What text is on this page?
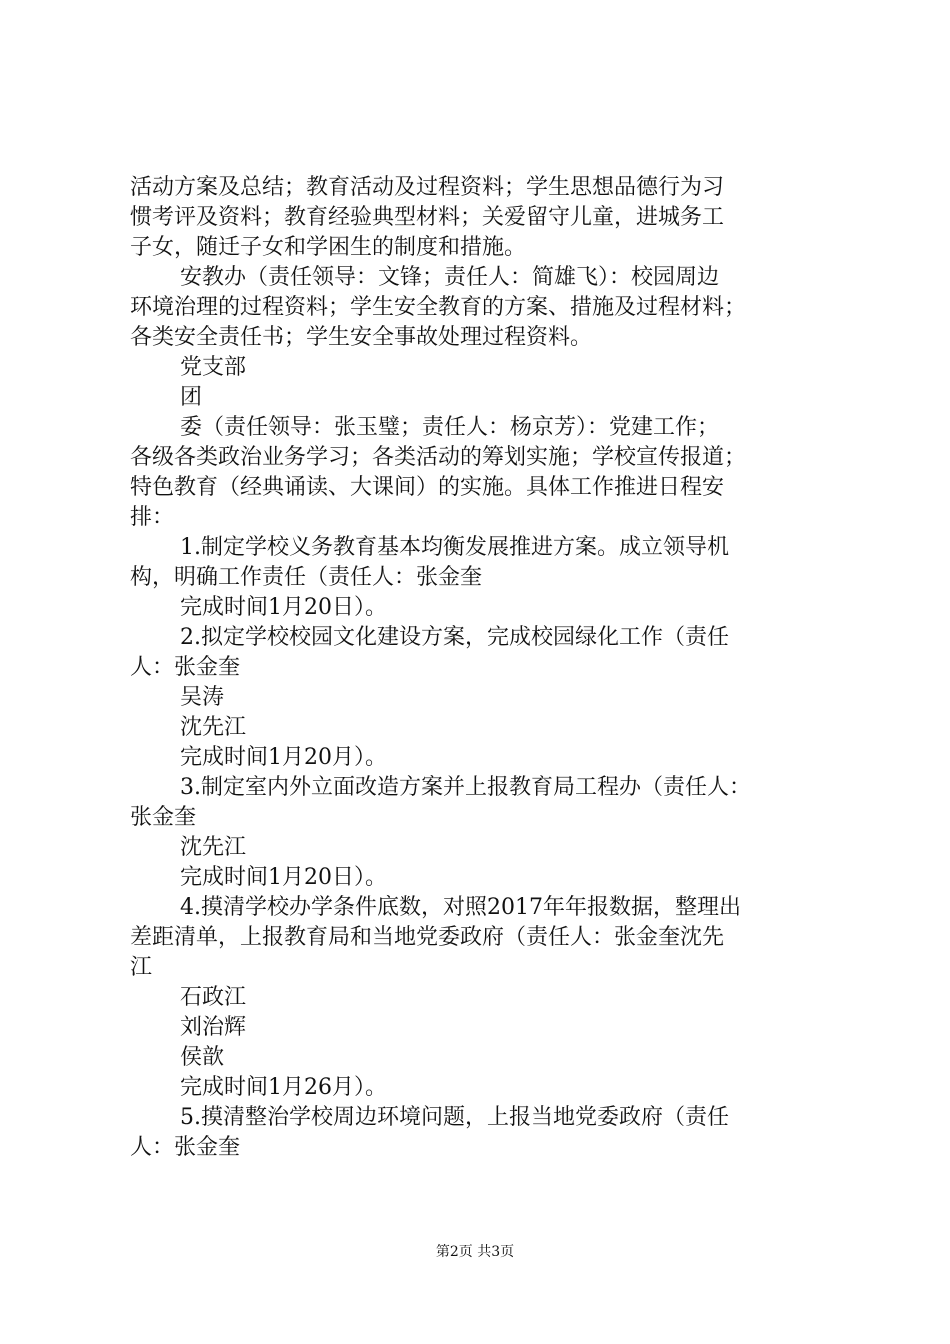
活动方案及总结；教育活动及过程资料；学生思想品德行为习
惯考评及资料；教育经验典型材料；关爱留守儿童，进城务工
子女，随迁子女和学困生的制度和措施。
安教办（责任领导：文锋；责任人：简雄飞）：校园周边
环境治理的过程资料；学生安全教育的方案、措施及过程材料；
各类安全责任书；学生安全事故处理过程资料。
党支部
团
委（责任领导：张玉璧；责任人：杨京芳）：党建工作；
各级各类政治业务学习；各类活动的筹划实施；学校宣传报道；
特色教育（经典诵读、大课间）的实施。具体工作推进日程安
排：
1.制定学校义务教育基本均衡发展推进方案。成立领导机
构，明确工作责任（责任人：张金奎
完成时间1月20日）。
2.拟定学校校园文化建设方案，完成校园绿化工作（责任
人：张金奎
吴涛
沈先江
完成时间1月20月）。
3.制定室内外立面改造方案并上报教育局工程办（责任人：
张金奎
沈先江
完成时间1月20日）。
4.摸清学校办学条件底数，对照2017年年报数据，整理出
差距清单，上报教育局和当地党委政府（责任人：张金奎沈先
江
石政江
刘治辉
侯歆
完成时间1月26月）。
5.摸清整治学校周边环境问题，上报当地党委政府（责任
人：张金奎
第2页 共3页
